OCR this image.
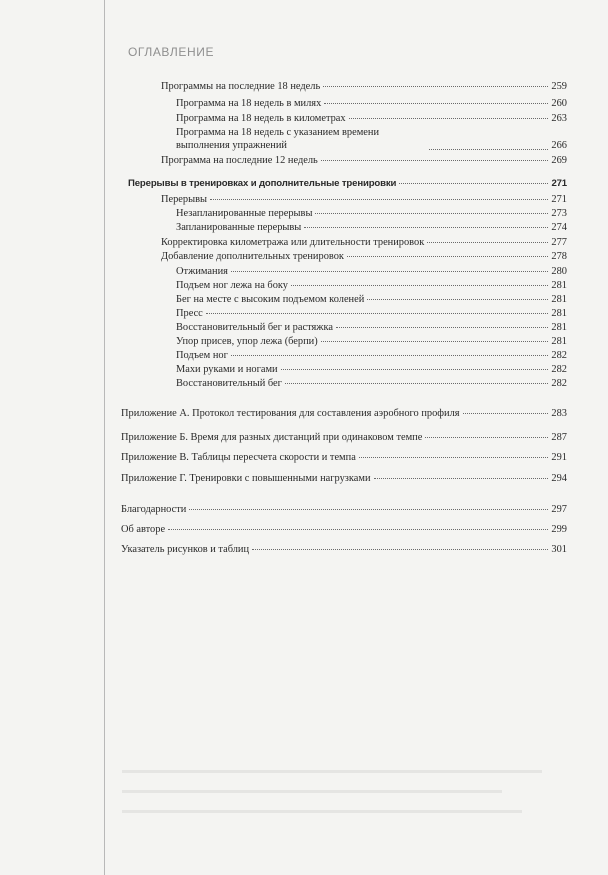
ОГЛАВЛЕНИЕ
Программы на последние 18 недель	259
Программа на 18 недель в милях	260
Программа на 18 недель в километрах	263
Программа на 18 недель с указанием времени выполнения упражнений	266
Программа на последние 12 недель	269
Перерывы в тренировках и дополнительные тренировки	271
Перерывы	271
Незапланированные перерывы	273
Запланированные перерывы	274
Корректировка километража или длительности тренировок	277
Добавление дополнительных тренировок	278
Отжимания	280
Подъем ног лежа на боку	281
Бег на месте с высоким подъемом коленей	281
Пресс	281
Восстановительный бег и растяжка	281
Упор присев, упор лежа (берпи)	281
Подъем ног	282
Махи руками и ногами	282
Восстановительный бег	282
Приложение А. Протокол тестирования для составления аэробного профиля	283
Приложение Б. Время для разных дистанций при одинаковом темпе	287
Приложение В. Таблицы пересчета скорости и темпа	291
Приложение Г. Тренировки с повышенными нагрузками	294
Благодарности	297
Об авторе	299
Указатель рисунков и таблиц	301
